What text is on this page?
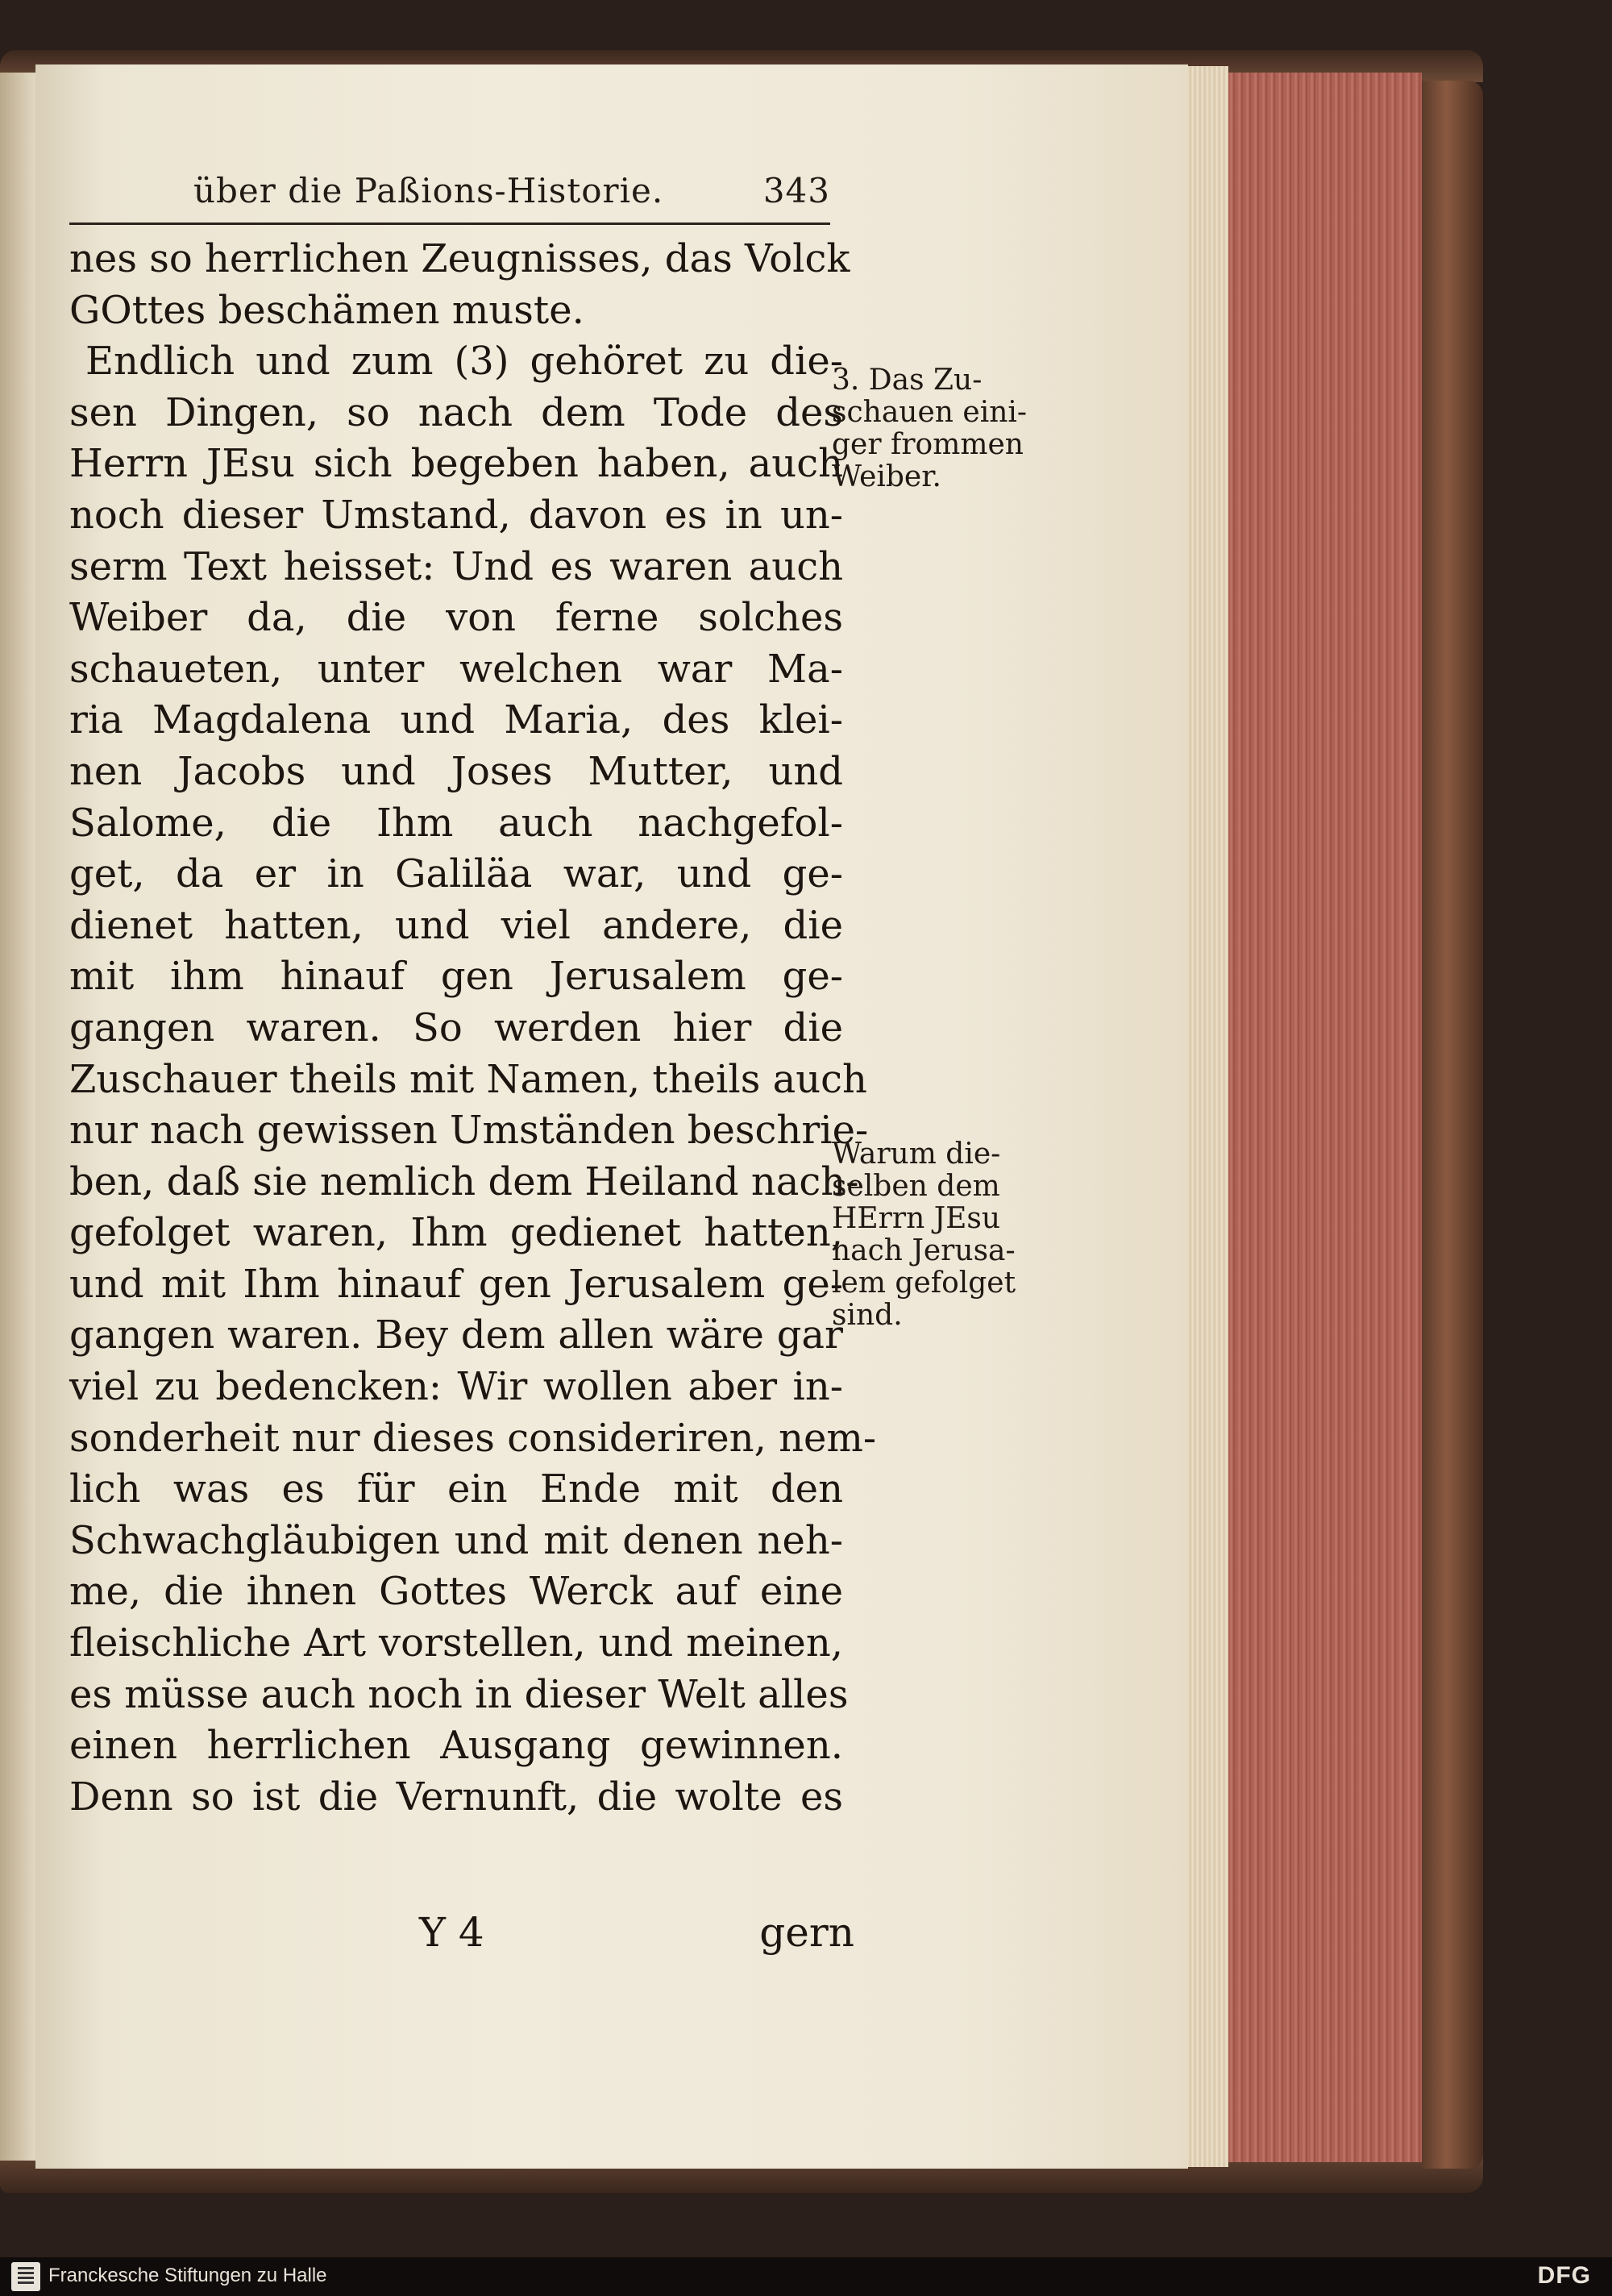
über die Paßions-Historie.	343
nes so herrlichen Zeugnisses, das Volck
GOttes beschämen muste.
Endlich und zum (3) gehöret zu die-
sen Dingen, so nach dem Tode des
Herrn JEsu sich begeben haben, auch
noch dieser Umstand, davon es in un-
serm Text heisset: Und es waren auch
Weiber da, die von ferne solches
schaueten, unter welchen war Ma-
ria Magdalena und Maria, des klei-
nen Jacobs und Joses Mutter, und
Salome, die Ihm auch nachgefol-
get, da er in Galiläa war, und ge-
dienet hatten, und viel andere, die
mit ihm hinauf gen Jerusalem ge-
gangen waren. So werden hier die
Zuschauer theils mit Namen, theils auch
nur nach gewissen Umständen beschrie-
ben, daß sie nemlich dem Heiland nach-
gefolget waren, Ihm gedienet hatten,
und mit Ihm hinauf gen Jerusalem ge-
gangen waren. Bey dem allen wäre gar
viel zu bedencken: Wir wollen aber in-
sonderheit nur dieses consideriren, nem-
lich was es für ein Ende mit den
Schwachgläubigen und mit denen neh-
me, die ihnen Gottes Werck auf eine
fleischliche Art vorstellen, und meinen,
es müsse auch noch in dieser Welt alles
einen herrlichen Ausgang gewinnen.
Denn so ist die Vernunft, die wolte es
3. Das Zu-
schauen eini-
ger frommen
Weiber.
Warum die-
selben dem
HErrn JEsu
nach Jerusa-
lem gefolget
sind.
Y 4	gern
Franckesche Stiftungen zu Halle	DFG
